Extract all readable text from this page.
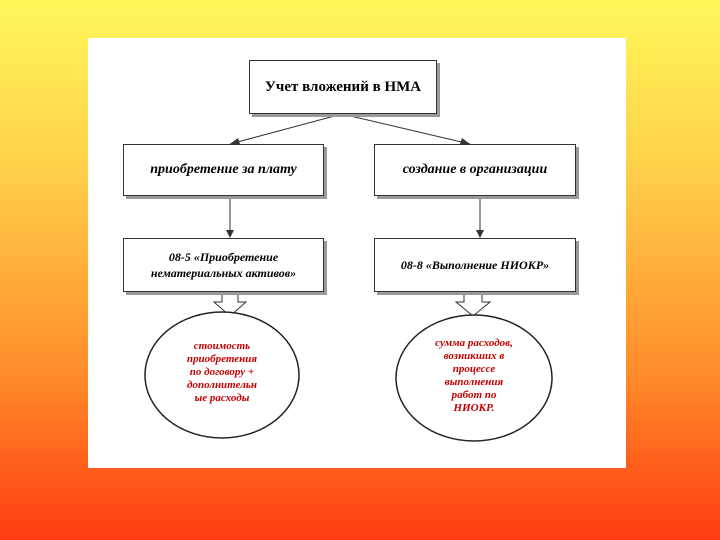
Учет вложений в НМА
приобретение за плату	создание в организации
08-5 «Приобретение
нематериальных активов»
08-8 «Выполнение НИОКР»
стоимость
приобретения
по договору +
дополнительн
ые расходы
сумма расходов,
возникших в
процессе
выполнения
работ по
НИОКР.
